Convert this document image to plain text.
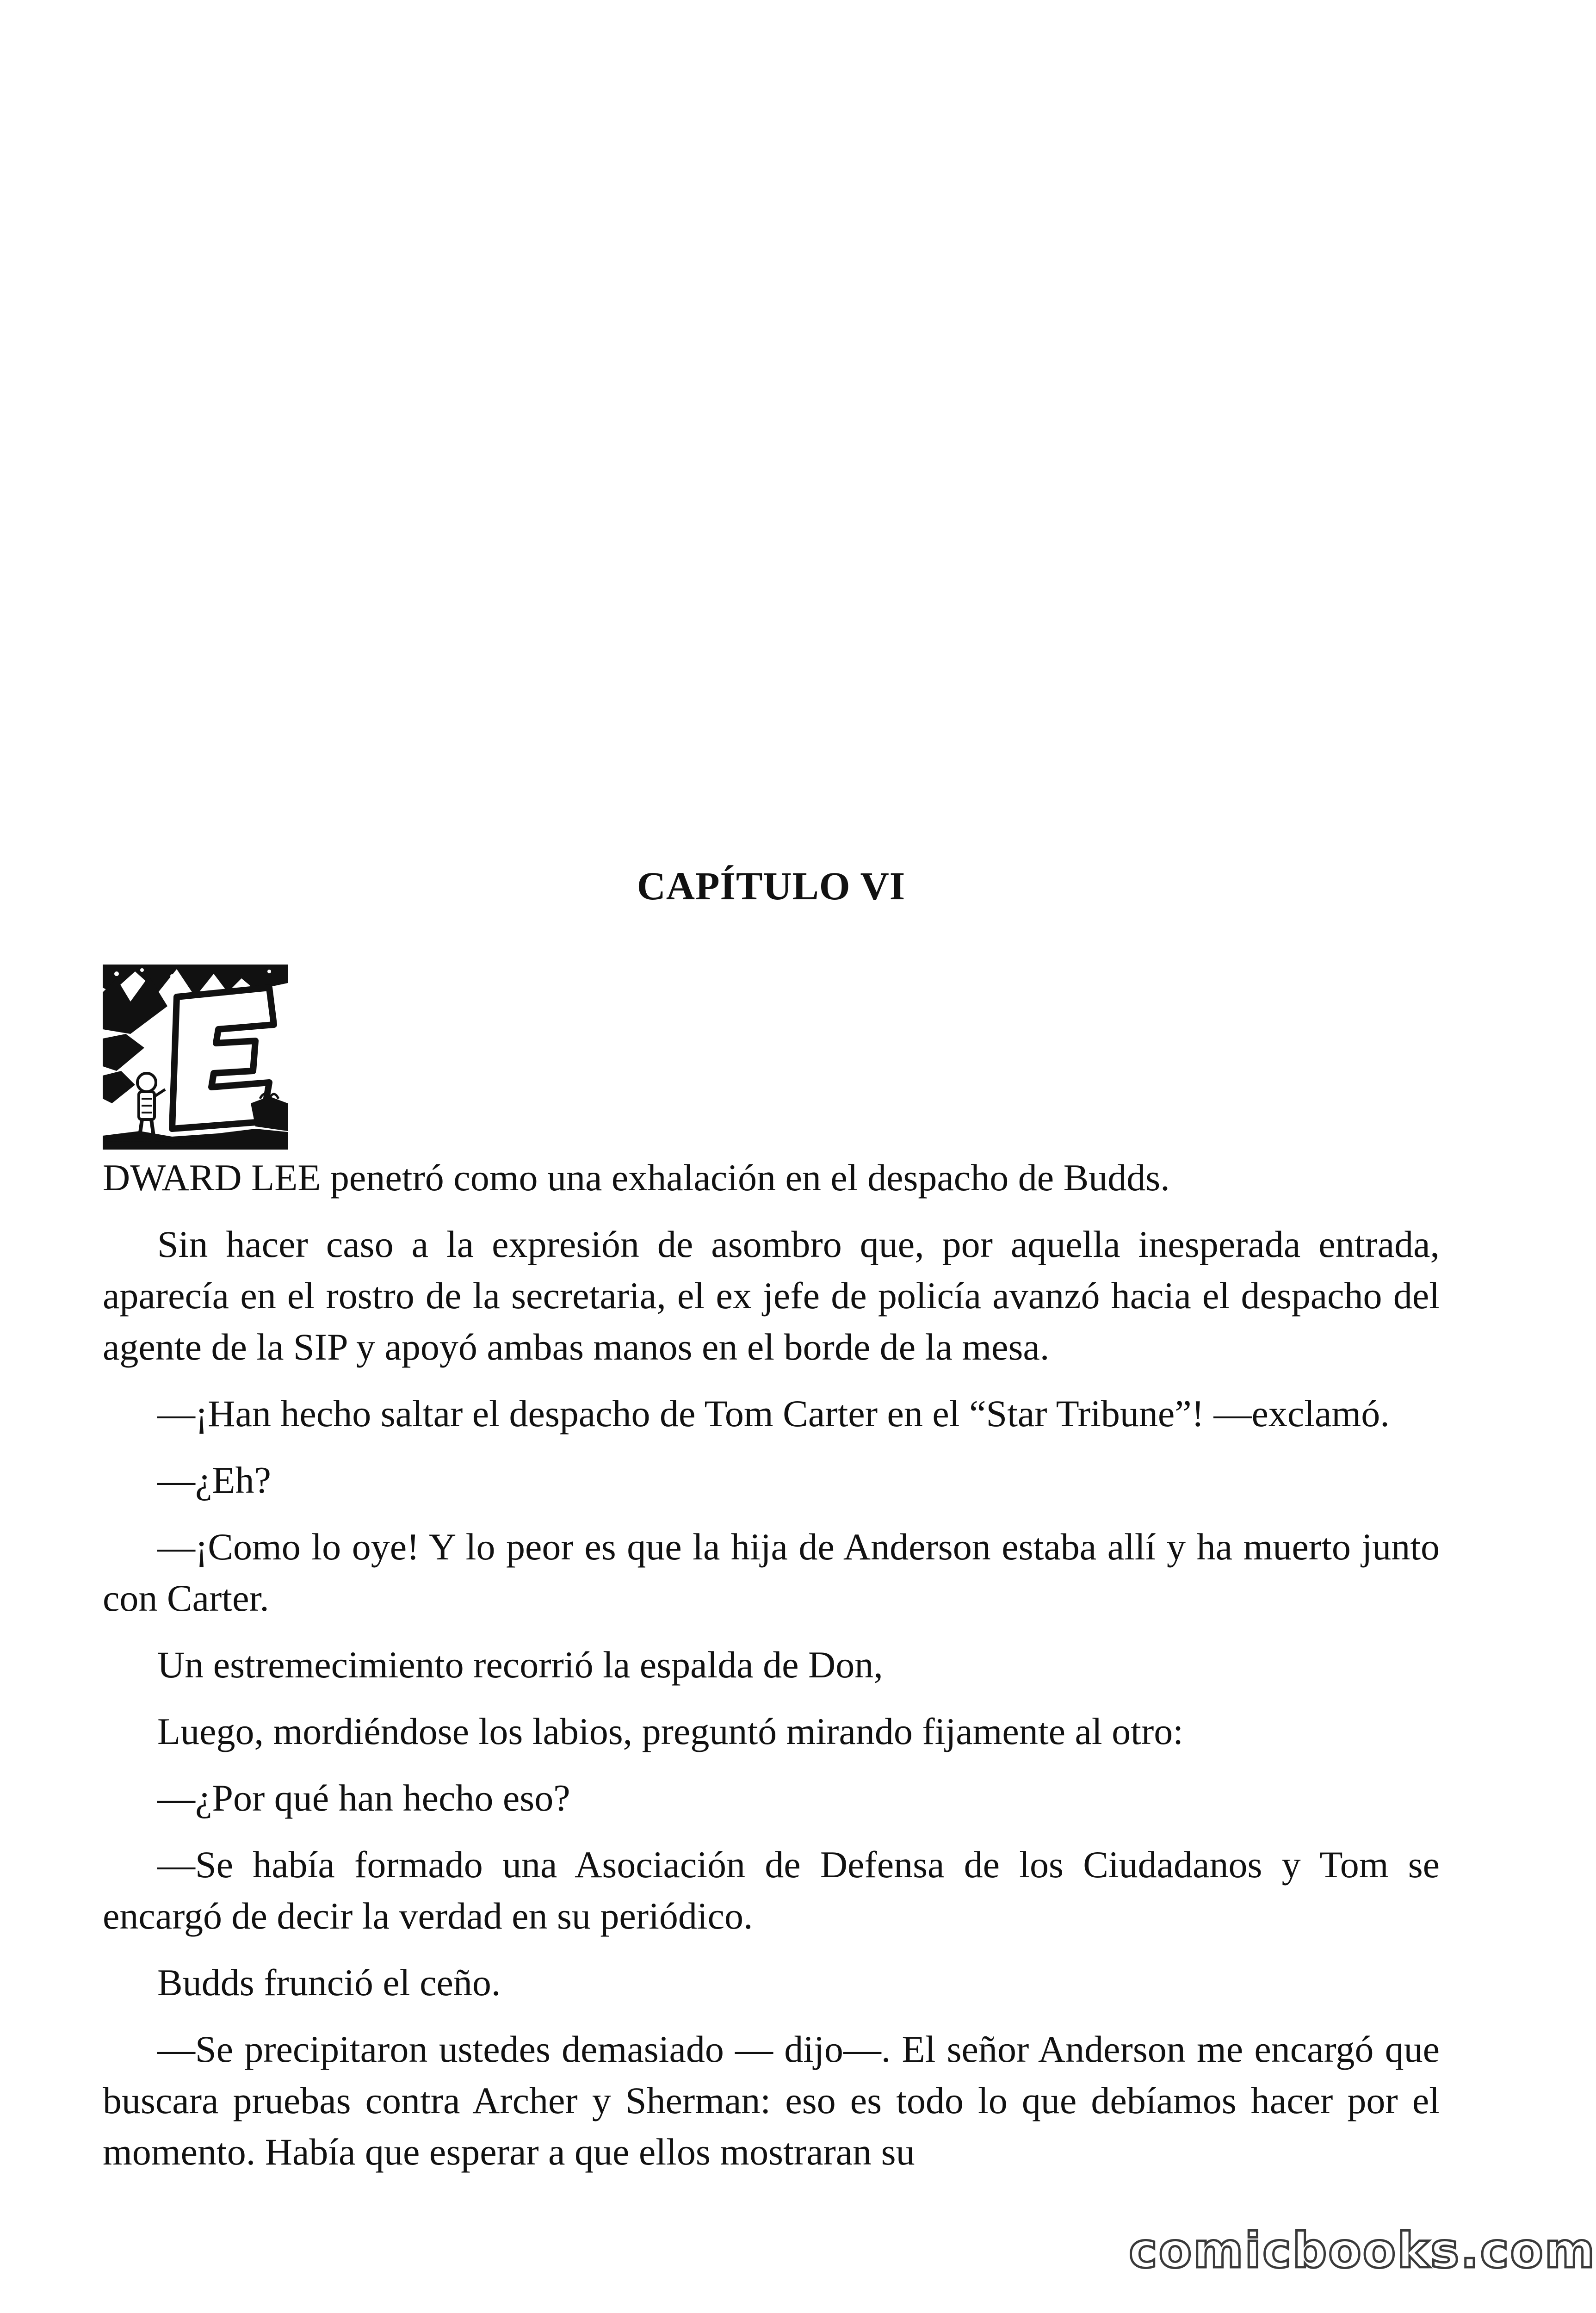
CAPÍTULO VI

DWARD LEE penetró como una exhalación en el despacho de Budds.

Sin hacer caso a la expresión de asombro que, por aquella inesperada entrada, aparecía en el rostro de la secretaria, el ex jefe de policía avanzó hacia el despacho del agente de la SIP y apoyó ambas manos en el borde de la mesa.

—¡Han hecho saltar el despacho de Tom Carter en el “Star Tribune”! —exclamó.

—¿Eh?

—¡Como lo oye! Y lo peor es que la hija de Anderson estaba allí y ha muerto junto con Carter.

Un estremecimiento recorrió la espalda de Don,

Luego, mordiéndose los labios, preguntó mirando fijamente al otro:

—¿Por qué han hecho eso?

—Se había formado una Asociación de Defensa de los Ciudadanos y Tom se encargó de decir la verdad en su periódico.

Budds frunció el ceño.

—Se precipitaron ustedes demasiado — dijo—. El señor Anderson me encargó que buscara pruebas contra Archer y Sherman: eso es todo lo que debíamos hacer por el momento. Había que esperar a que ellos mostraran su

comicbooks.com
